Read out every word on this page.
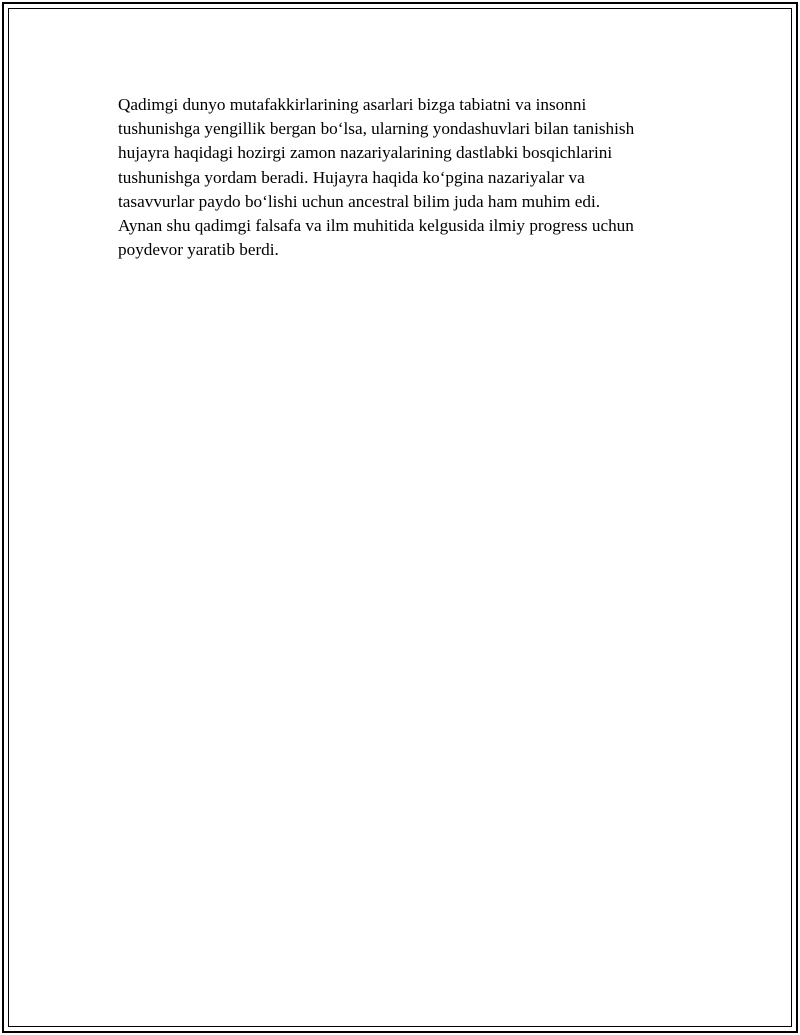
Qadimgi dunyo mutafakkirlarining asarlari bizga tabiatni va insonni
tushunishga yengillik bergan bo‘lsa, ularning yondashuvlari bilan tanishish
hujayra haqidagi hozirgi zamon nazariyalarining dastlabki bosqichlarini
tushunishga yordam beradi. Hujayra haqida ko‘pgina nazariyalar va
tasavvurlar paydo bo‘lishi uchun ancestral bilim juda ham muhim edi.
Aynan shu qadimgi falsafa va ilm muhitida kelgusida ilmiy progress uchun
poydevor yaratib berdi.
